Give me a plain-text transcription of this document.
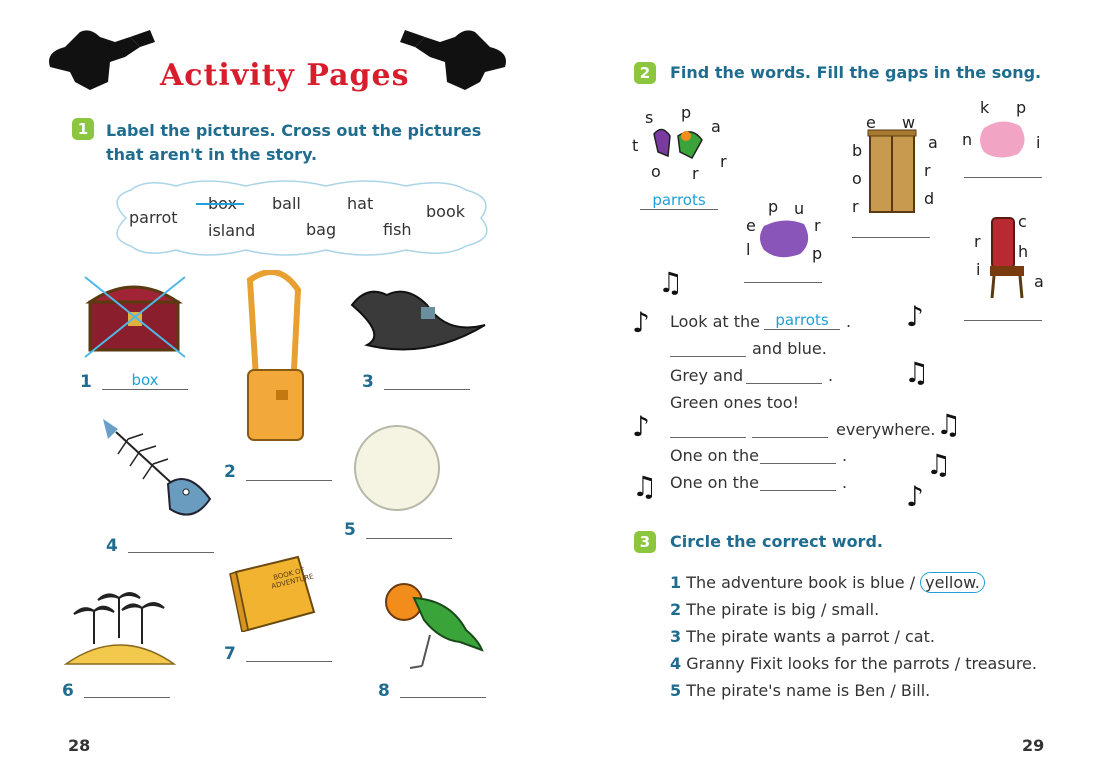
Activity Pages
1	Label the pictures. Cross out the pictures
that aren't in the story.
parrot
box ball	hat	book
island	bag	fish
1	box
2
3
4
5
6
BOOK OF ADVENTURE
7
8
28
2	Find the words. Fill the gaps in the song.
s p
a
t
r
o r
parrots	p u
e	r
l	p
e w
b	a
r
o
d
r
k p
n	i
c
r
h
i
a
♫
♪	♪
♫
♪	♫
♫
♫	♪
Look at the	parrots	.
and blue.
Grey and	.
Green ones too!
everywhere.
One on the	.
One on the	.
3	Circle the correct word.
1 The adventure book is blue / yellow.
2 The pirate is big / small.
3 The pirate wants a parrot / cat.
4 Granny Fixit looks for the parrots / treasure.
5 The pirate's name is Ben / Bill.
29
